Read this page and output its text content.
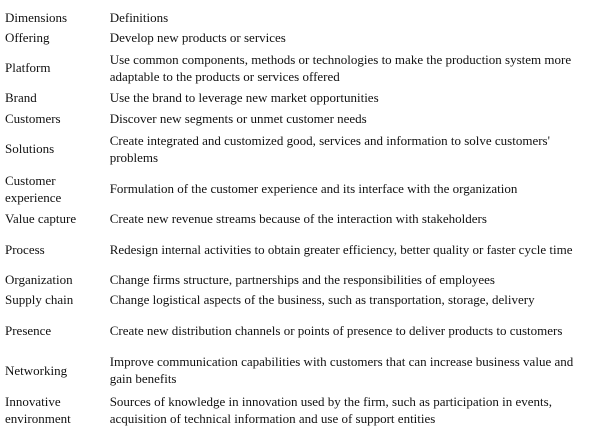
Dimensions	Definitions
Offering	Develop new products or services
Platform	Use common components, methods or technologies to make the production system more adaptable to the products or services offered
Brand	Use the brand to leverage new market opportunities
Customers	Discover new segments or unmet customer needs
Solutions	Create integrated and customized good, services and information to solve customers' problems
Customer experience	Formulation of the customer experience and its interface with the organization
Value capture	Create new revenue streams because of the interaction with stakeholders
Process	Redesign internal activities to obtain greater efficiency, better quality or faster cycle time
Organization	Change firms structure, partnerships and the responsibilities of employees
Supply chain	Change logistical aspects of the business, such as transportation, storage, delivery
Presence	Create new distribution channels or points of presence to deliver products to customers
Networking	Improve communication capabilities with customers that can increase business value and gain benefits
Innovative environment	Sources of knowledge in innovation used by the firm, such as participation in events, acquisition of technical information and use of support entities
